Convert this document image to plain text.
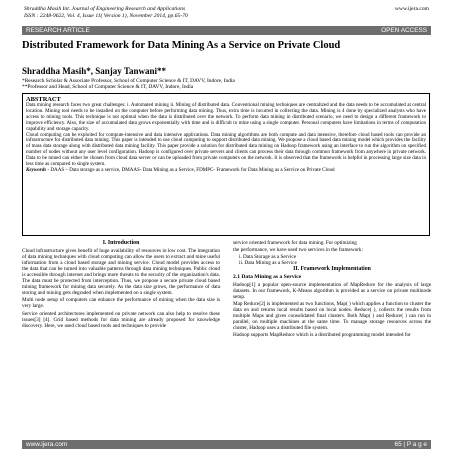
Shraddha Masih Int. Journal of Engineering Research and Applications
ISSN : 2248-9622, Vol. 4, Issue 11( Version 1), November 2014, pp.65-70
www.ijera.com
RESEARCH ARTICLE	OPEN ACCESS
Distributed Framework for Data Mining As a Service on Private Cloud
Shraddha Masih*, Sanjay Tanwani**
*Research Scholar & Associate Professor, School of Computer Science & IT, DAVV, Indore, India
**Professor and Head, School of Computer Science & IT, DAVV, Indore, India
ABSTRACT

Data mining research faces two great challenges: i. Automated mining ii. Mining of distributed data. Conventional mining techniques are centralized and the data needs to be accumulated at central location. Mining tool needs to be installed on the computer before performing data mining. Thus, extra time is incurred in collecting the data. Mining is 4 done by specialized analysts who have access to mining tools. This technique is not optimal when the data is distributed over the network. To perform data mining in distributed scenario, we need to design a different framework to improve efficiency. Also, the size of accumulated data grows exponentially with time and is difficult to mine using a single computer. Personal computers have limitations in terms of computation capability and storage capacity.

Cloud computing can be exploited for compute-intensive and data intensive applications. Data mining algorithms are both compute and data intensive, therefore cloud based tools can provide an infrastructure for distributed data mining. This paper is intended to use cloud computing to support distributed data mining. We propose a cloud based data mining model which provides the facility of mass data storage along with distributed data mining facility. This paper provide a solution for distributed data mining on Hadoop framework using an interface to run the algorithm on specified number of nodes without any user level configuration. Hadoop is configured over private servers and clients can process their data through common framework from anywhere in private network. Data to be mined can either be chosen from cloud data server or can be uploaded from private computers on the network. It is observed that the framework is helpful in processing large size data in less time as compared to single system.

Keywords - DAAS – Data storage as a service, DMAAS- Data Mining as a Service, FDMPC- Framework for Data Mining as a Service on Private Cloud

I. Introduction

Cloud infrastructure gives benefit of huge availability of resources in low cost. The integration of data mining techniques with cloud computing can allow the users to extract and mine useful information from a cloud based storage and mining service. Cloud model provides access to the data that can be turned into valuable patterns through data mining techniques. Public cloud is accessible through internet and brings more threats to the security of the organization's data. The data must be protected from interception. Thus, we propose a secure private cloud based mining framework for mining data securely. As the data size grows, the performance of data storing and mining gets degraded when implemented on a single system.

Multi node setup of computers can enhance the performance of mining when the data size is very large.

Service oriented architectures implemented on private network can also help to resolve these issues[3] [4]. Grid based methods for data mining are already proposed for knowledge discovery. Here, we used cloud based tools and techniques to provide

service oriented framework for data mining. For optimizing

the performance, we have used two services in the framework:

i. Data Storage as a Service
ii. Data Mining as a Service
II. Framework Implementation
2.1 Data Mining as a Service

Hadoop[1] a popular open-source implementation of MapReduce for the analysis of large datasets. In our framework, K-Means algorithm is provided as a service on private multinode setup.

Map Reduce[2] is implemented as two functions, Map( ) which applies a function to cluster the data on and returns local results based on local nodes. Reduce( ), collects the results from multiple Maps and gives consolidated final clusters. Both Map( ) and Reduce( ) can run in parallel, on multiple machines at the same time. To manage storage resources across the cluster, Hadoop uses a distributed file system.

Hadoop supports MapReduce which is a distributed programming model intended for

www.ijera.com	65 | P a g e
